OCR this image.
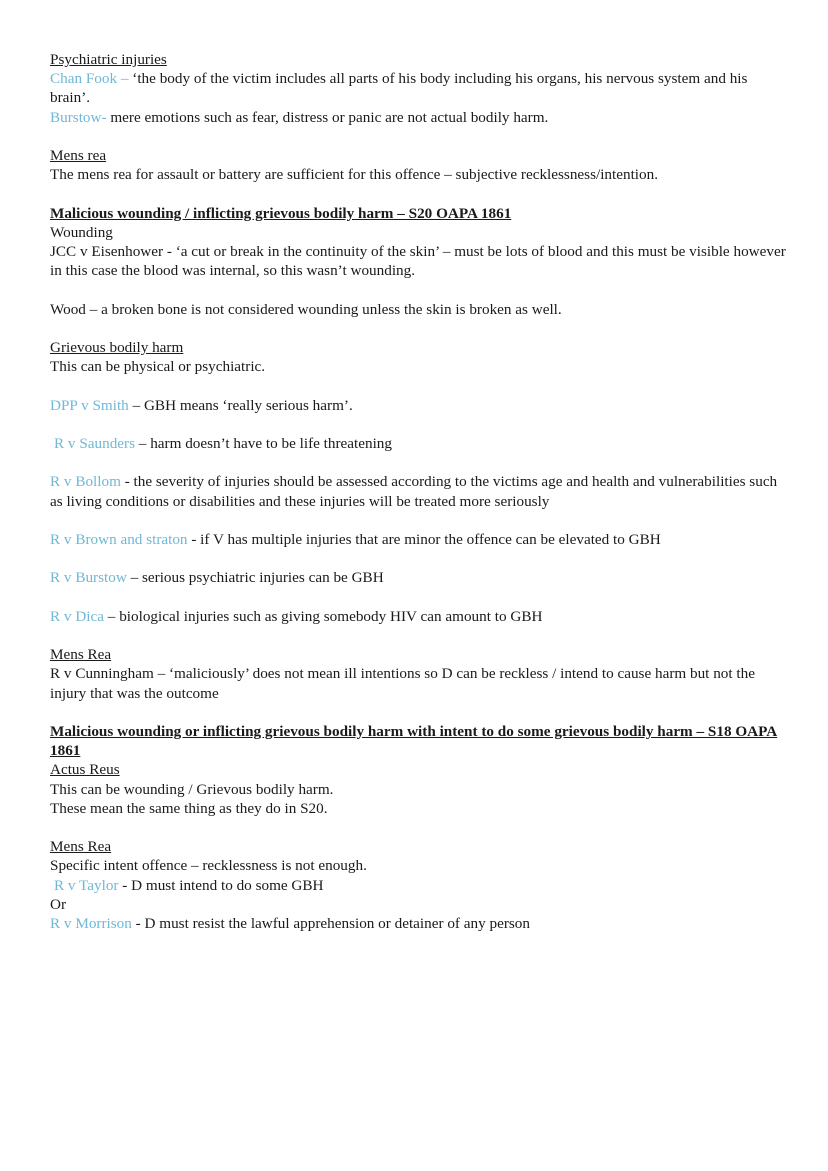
Psychiatric injuries
Chan Fook – ‘the body of the victim includes all parts of his body including his organs, his nervous system and his brain’.
Burstow- mere emotions such as fear, distress or panic are not actual bodily harm.
Mens rea
The mens rea for assault or battery are sufficient for this offence – subjective recklessness/intention.
Malicious wounding / inflicting grievous bodily harm – S20 OAPA 1861
Wounding
JCC v Eisenhower - ‘a cut or break in the continuity of the skin’ – must be lots of blood and this must be visible however in this case the blood was internal, so this wasn’t wounding.
Wood – a broken bone is not considered wounding unless the skin is broken as well.
Grievous bodily harm
This can be physical or psychiatric.
DPP v Smith – GBH means ‘really serious harm’.
R v Saunders – harm doesn’t have to be life threatening
R v Bollom - the severity of injuries should be assessed according to the victims age and health and vulnerabilities such as living conditions or disabilities and these injuries will be treated more seriously
R v Brown and straton - if V has multiple injuries that are minor the offence can be elevated to GBH
R v Burstow – serious psychiatric injuries can be GBH
R v Dica – biological injuries such as giving somebody HIV can amount to GBH
Mens Rea
R v Cunningham – ‘maliciously’ does not mean ill intentions so D can be reckless / intend to cause harm but not the injury that was the outcome
Malicious wounding or inflicting grievous bodily harm with intent to do some grievous bodily harm – S18 OAPA 1861
Actus Reus
This can be wounding / Grievous bodily harm.
These mean the same thing as they do in S20.
Mens Rea
Specific intent offence – recklessness is not enough.
R v Taylor - D must intend to do some GBH
Or
R v Morrison - D must resist the lawful apprehension or detainer of any person
